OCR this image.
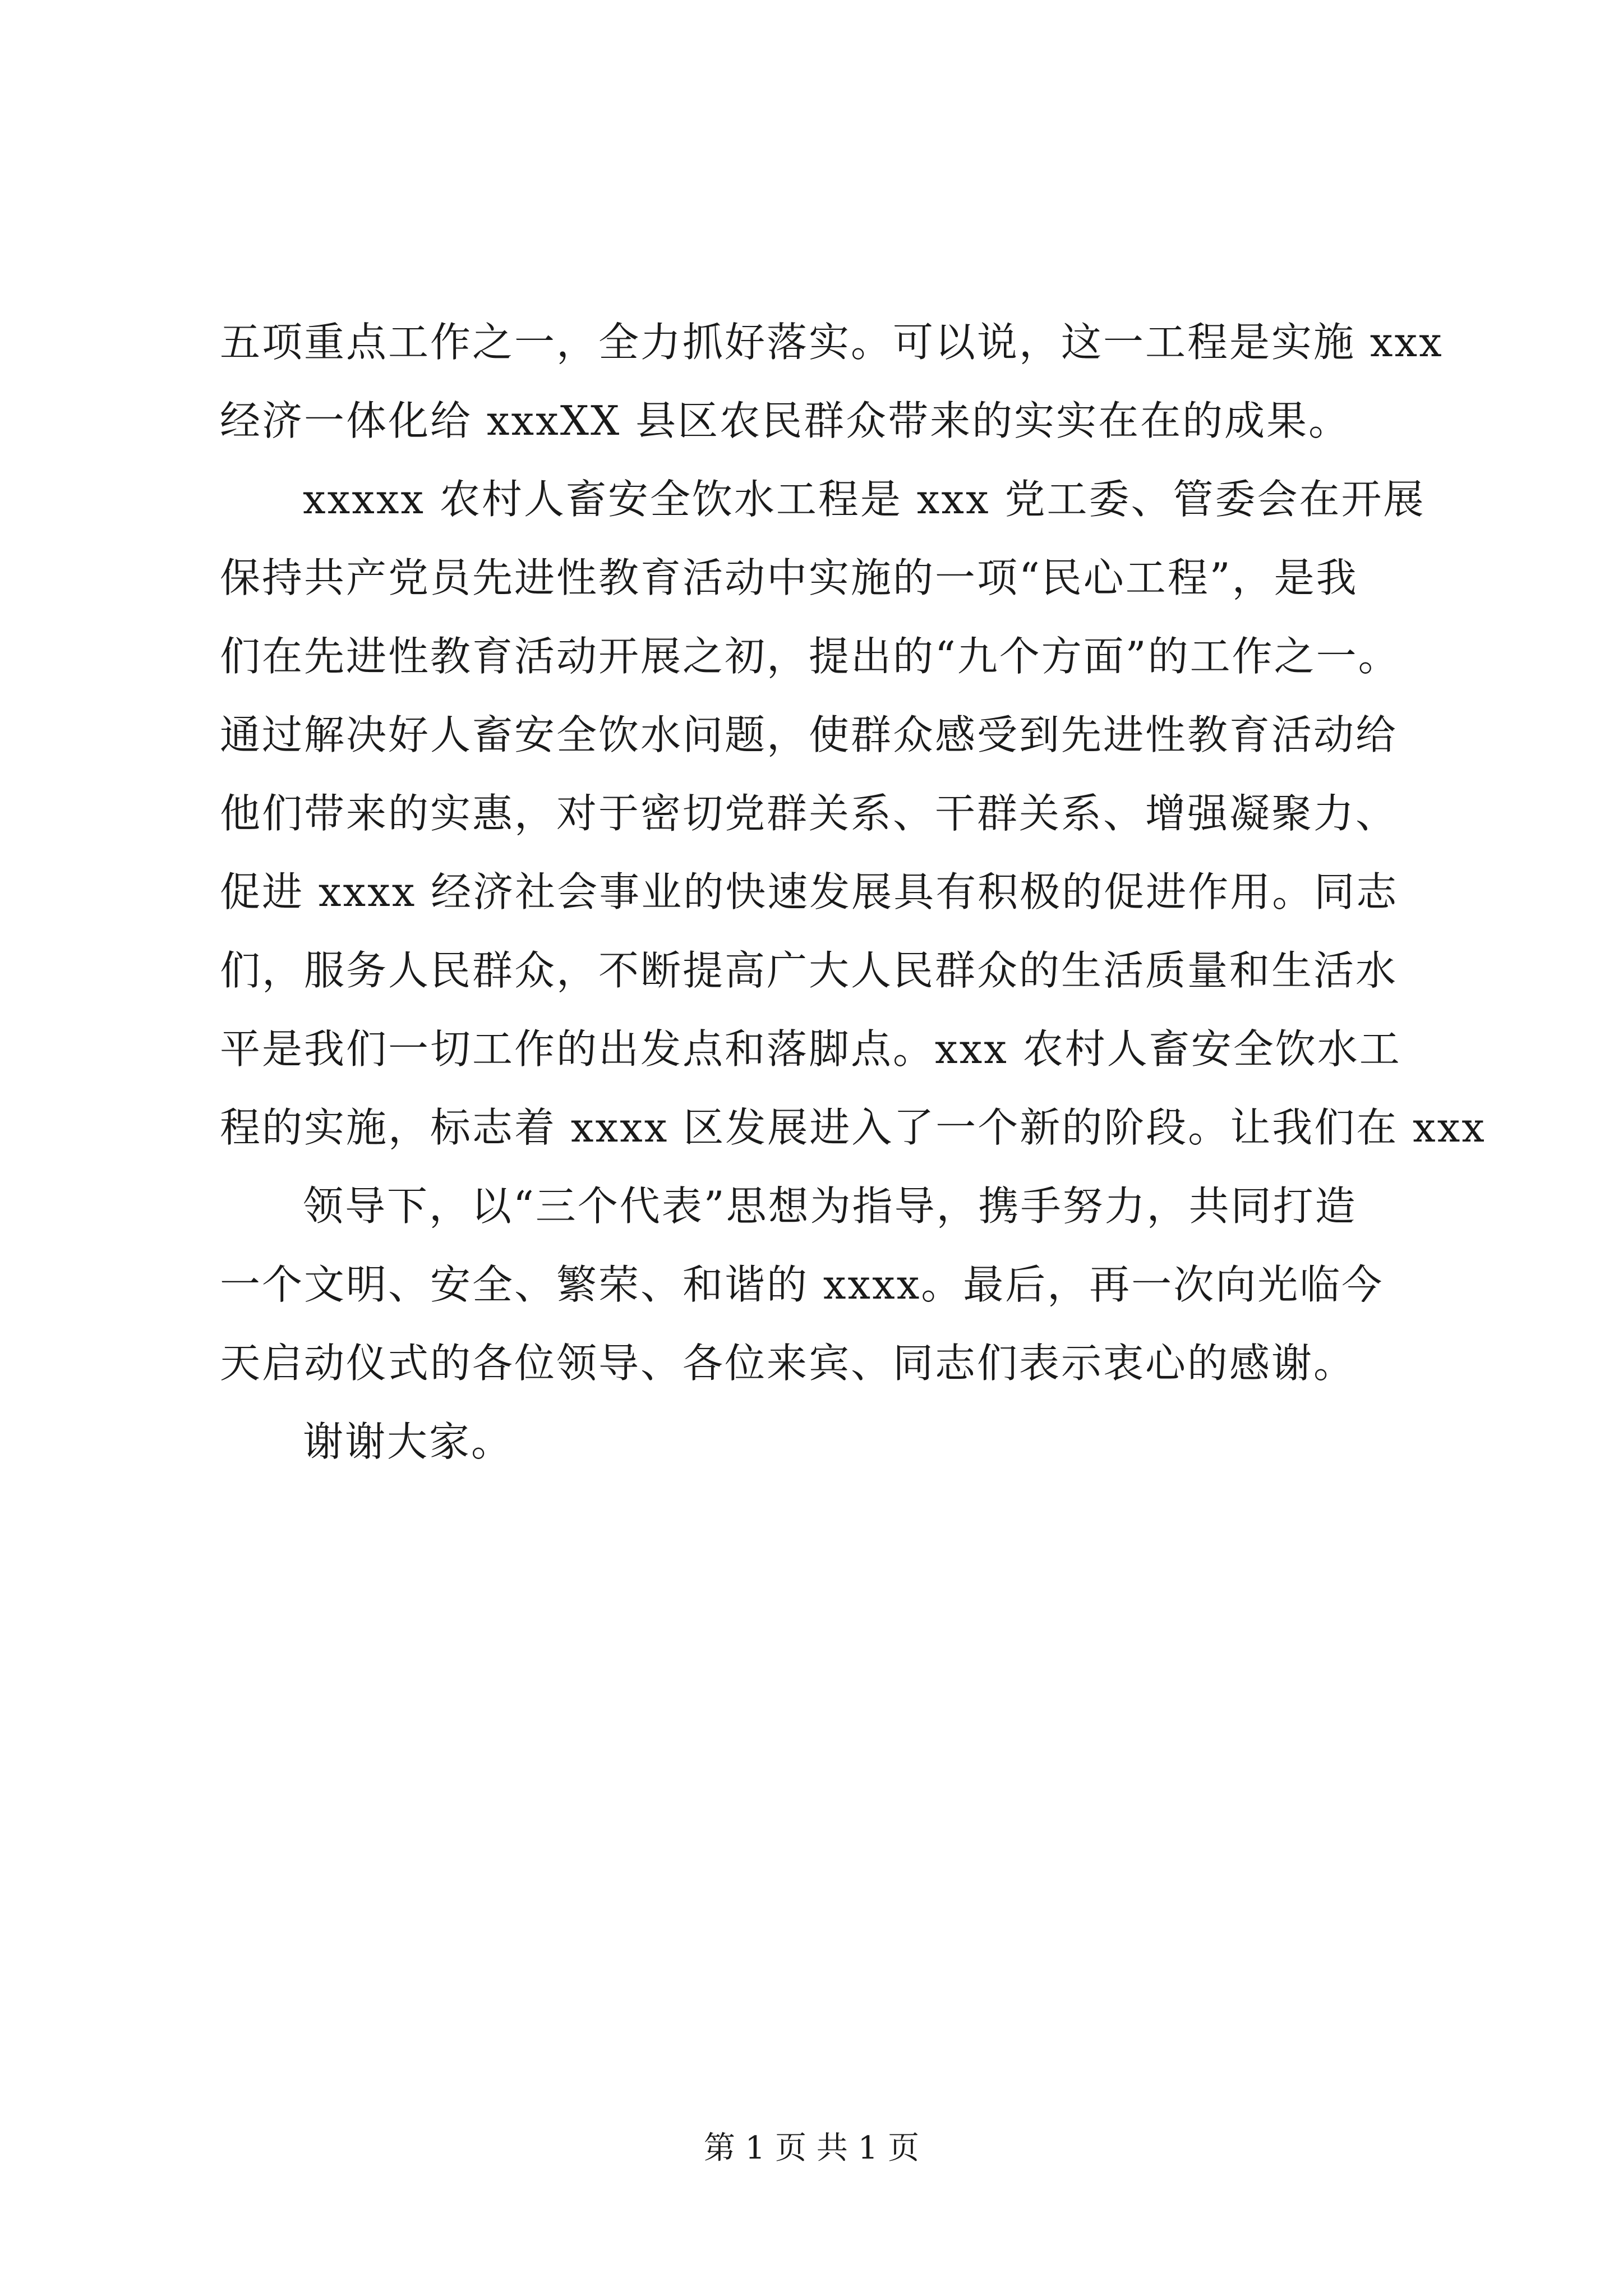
五项重点工作之一，全力抓好落实。可以说，这一工程是实施 xxx
经济一体化给 xxxXX 县区农民群众带来的实实在在的成果。
xxxxx 农村人畜安全饮水工程是 xxx 党工委、管委会在开展
保持共产党员先进性教育活动中实施的一项“民心工程”，是我
们在先进性教育活动开展之初，提出的“九个方面”的工作之一。
通过解决好人畜安全饮水问题，使群众感受到先进性教育活动给
他们带来的实惠，对于密切党群关系、干群关系、增强凝聚力、
促进 xxxx 经济社会事业的快速发展具有积极的促进作用。同志
们，服务人民群众，不断提高广大人民群众的生活质量和生活水
平是我们一切工作的出发点和落脚点。xxx 农村人畜安全饮水工
程的实施，标志着 xxxx 区发展进入了一个新的阶段。让我们在 xxx
领导下，以“三个代表”思想为指导，携手努力，共同打造
一个文明、安全、繁荣、和谐的 xxxx。最后，再一次向光临今
天启动仪式的各位领导、各位来宾、同志们表示衷心的感谢。
谢谢大家。
第 1 页 共 1 页
